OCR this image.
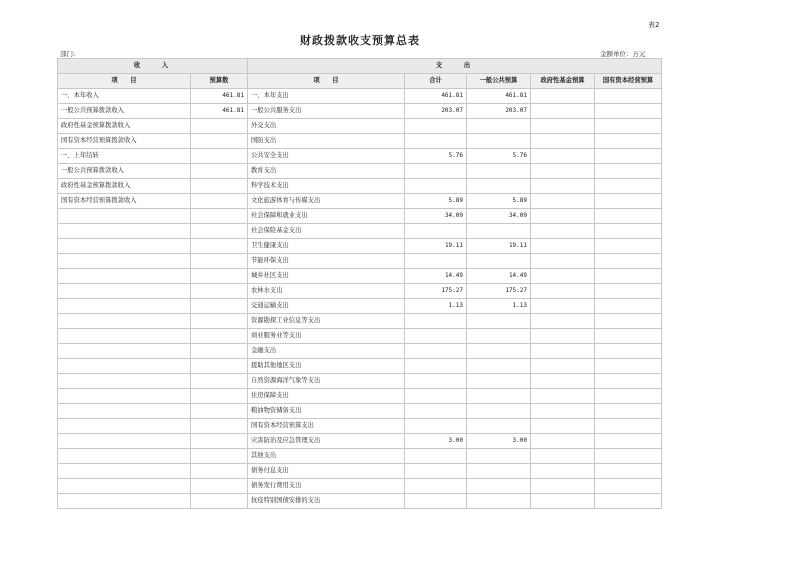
表2
财政拨款收支预算总表
部门:	金额单位：万元
收　　入		支　　出				
项　　目	预算数	项　　目	合计	一般公共预算	政府性基金预算	国有资本经营预算
一、本年收入	461.81	一、本年支出	461.81	461.81		
一般公共预算拨款收入	461.81	一般公共服务支出	203.07	203.07		
政府性基金预算拨款收入		外交支出				
国有资本经营预算拨款收入		国防支出				
一、上年结转		公共安全支出	5.76	5.76		
一般公共预算拨款收入		教育支出				
政府性基金预算拨款收入		科学技术支出				
国有资本经营预算拨款收入		文化旅游体育与传媒支出	5.89	5.89		
		社会保障和就业支出	34.09	34.09		
		社会保险基金支出				
		卫生健康支出	19.11	19.11		
		节能环保支出				
		城乡社区支出	14.49	14.49		
		农林水支出	175.27	175.27		
		交通运输支出	1.13	1.13		
		资源勘探工业信息等支出				
		商业服务业等支出				
		金融支出				
		援助其他地区支出				
		自然资源海洋气象等支出				
		住房保障支出				
		粮油物资储备支出				
		国有资本经营预算支出				
		灾害防治及应急管理支出	3.00	3.00		
		其他支出				
		债务付息支出				
		债务发行费用支出				
		抗疫特别国债安排的支出				
